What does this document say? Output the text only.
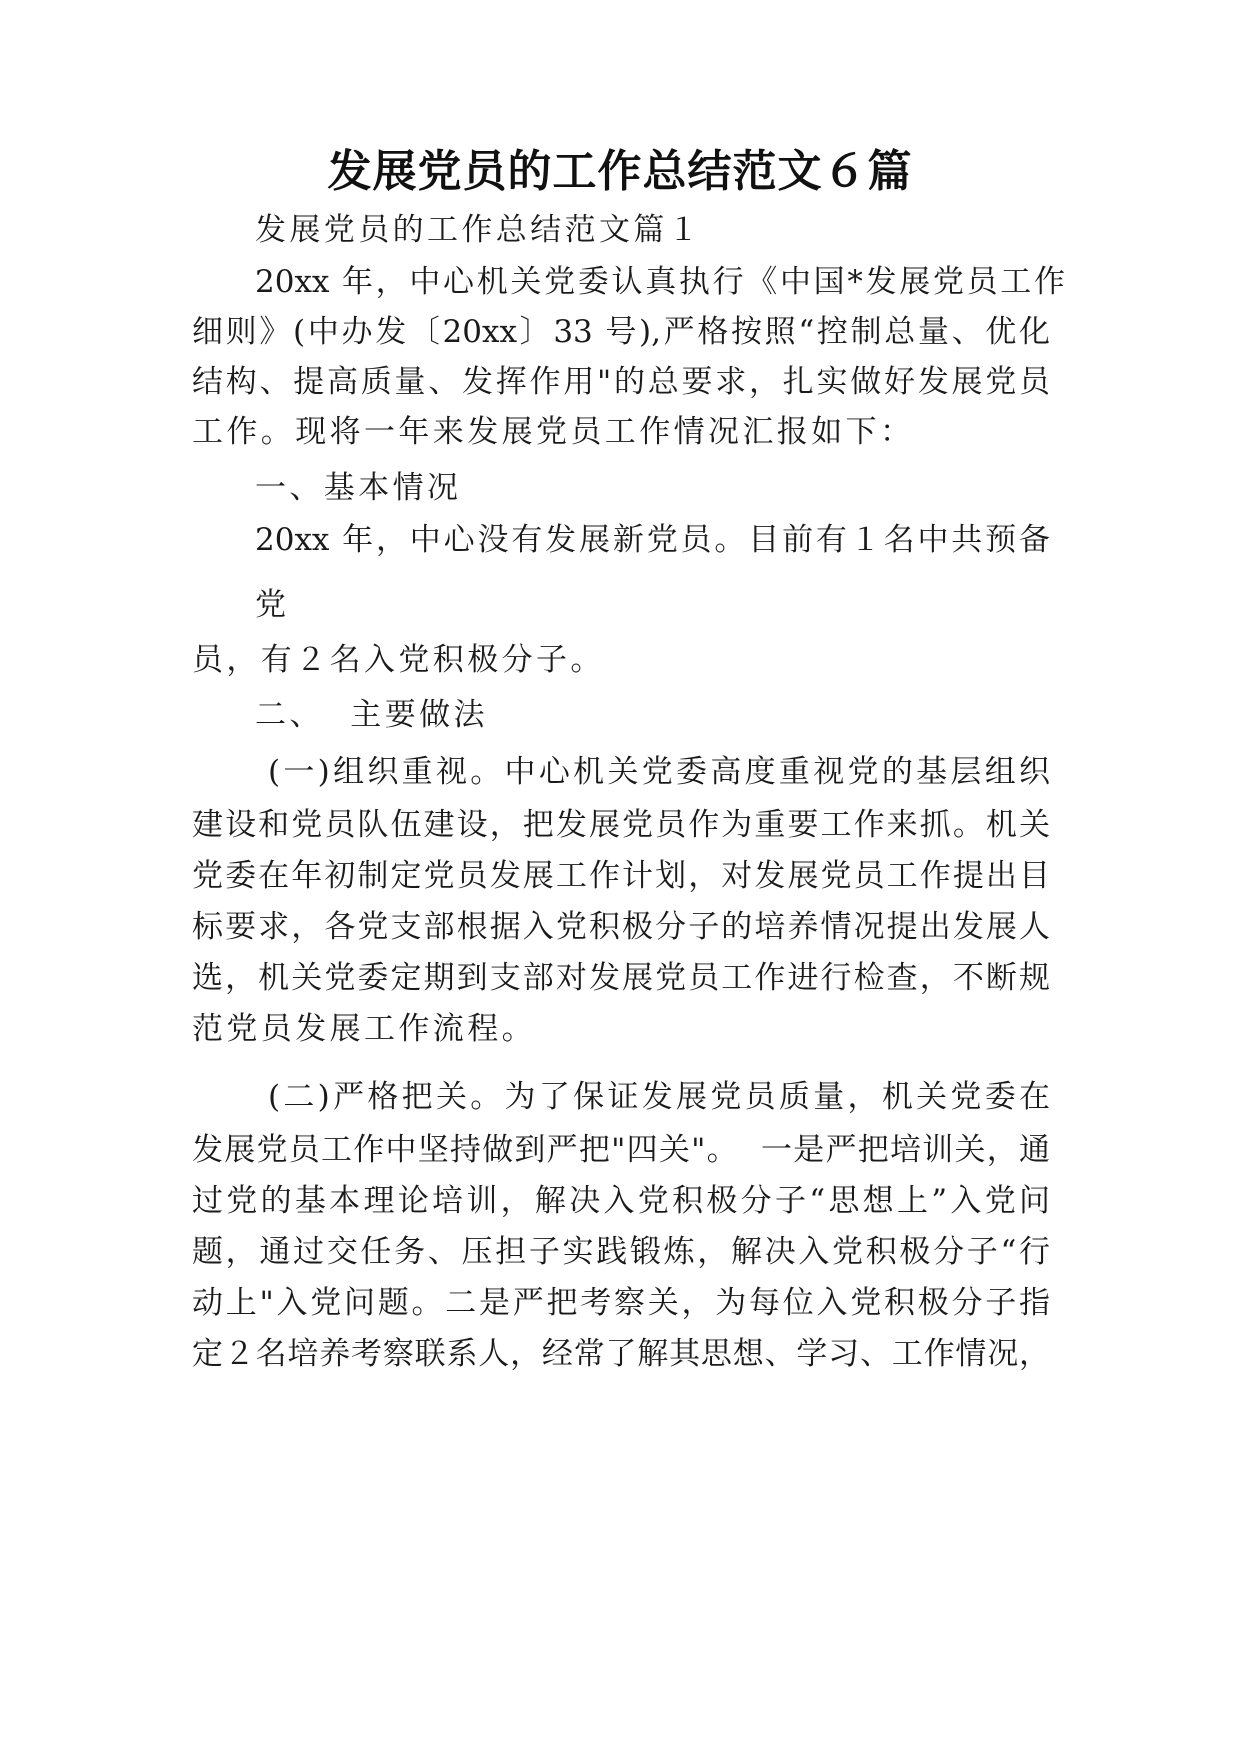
发展党员的工作总结范文６篇
发展党员的工作总结范文篇１
20xx 年，中心机关党委认真执行《中国*发展党员工作
细则》(中办发〔20xx〕33 号),严格按照“控制总量、优化
结构、提高质量、发挥作用"的总要求，扎实做好发展党员
工作。现将一年来发展党员工作情况汇报如下：
一、基本情况
20xx 年，中心没有发展新党员。目前有１名中共预备
党
员，有２名入党积极分子。
二、  主要做法
(一)组织重视。中心机关党委高度重视党的基层组织
建设和党员队伍建设，把发展党员作为重要工作来抓。机关
党委在年初制定党员发展工作计划，对发展党员工作提出目
标要求，各党支部根据入党积极分子的培养情况提出发展人
选，机关党委定期到支部对发展党员工作进行检查，不断规
范党员发展工作流程。
(二)严格把关。为了保证发展党员质量，机关党委在
发展党员工作中坚持做到严把"四关"。  一是严把培训关，通
过党的基本理论培训，解决入党积极分子“思想上”入党问
题，通过交任务、压担子实践锻炼，解决入党积极分子“行
动上"入党问题。二是严把考察关，为每位入党积极分子指
定２名培养考察联系人，经常了解其思想、学习、工作情况，
